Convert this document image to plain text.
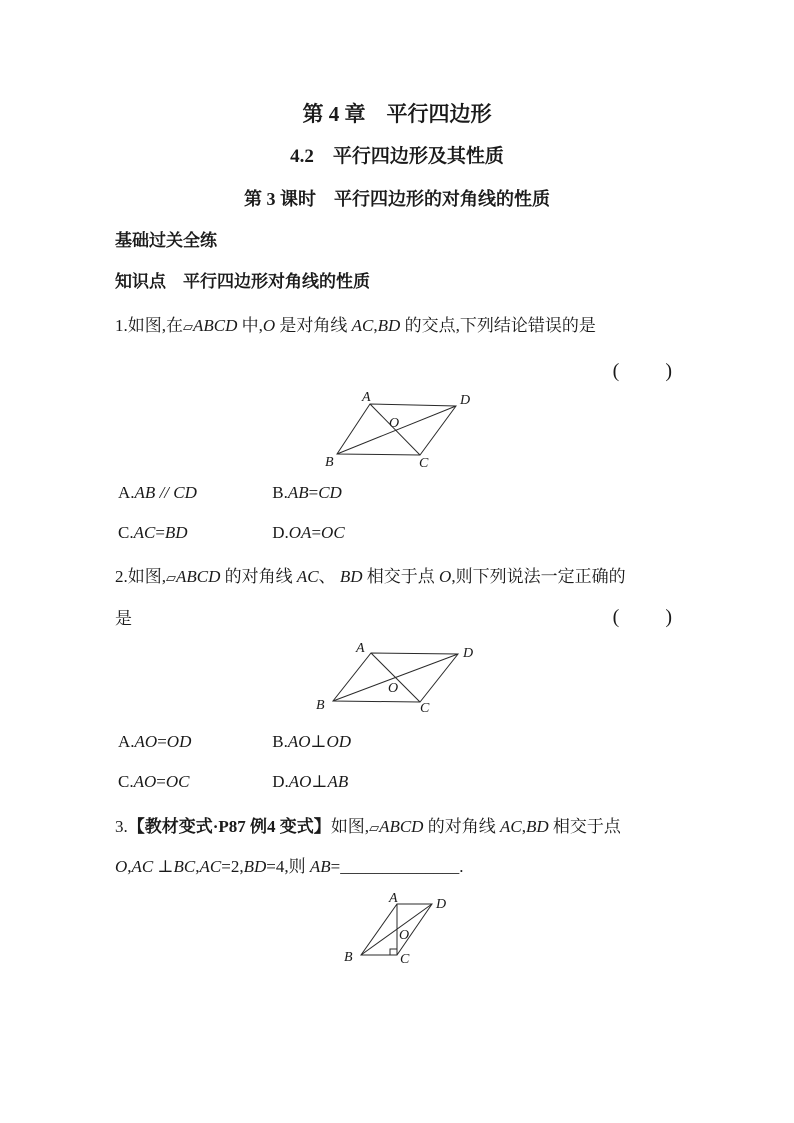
第 4 章　平行四边形
4.2　平行四边形及其性质
第 3 课时　平行四边形的对角线的性质
基础过关全练
知识点　平行四边形对角线的性质
1.如图,在▱ABCD 中,O 是对角线 AC,BD 的交点,下列结论错误的是
(　　)
A	D
B	C
O
A.AB // CD	B.AB=CD
C.AC=BD	D.OA=OC
2.如图,▱ABCD 的对角线 AC、 BD 相交于点 O,则下列说法一定正确的
是	(　　)
A	D
B	C
O
A.AO=OD	B.AO⊥OD
C.AO=OC	D.AO⊥AB
3.【教材变式·P87 例4 变式】如图,▱ABCD 的对角线 AC,BD 相交于点
O,AC ⊥BC,AC=2,BD=4,则 AB=______________.
A	D
B	C
O
